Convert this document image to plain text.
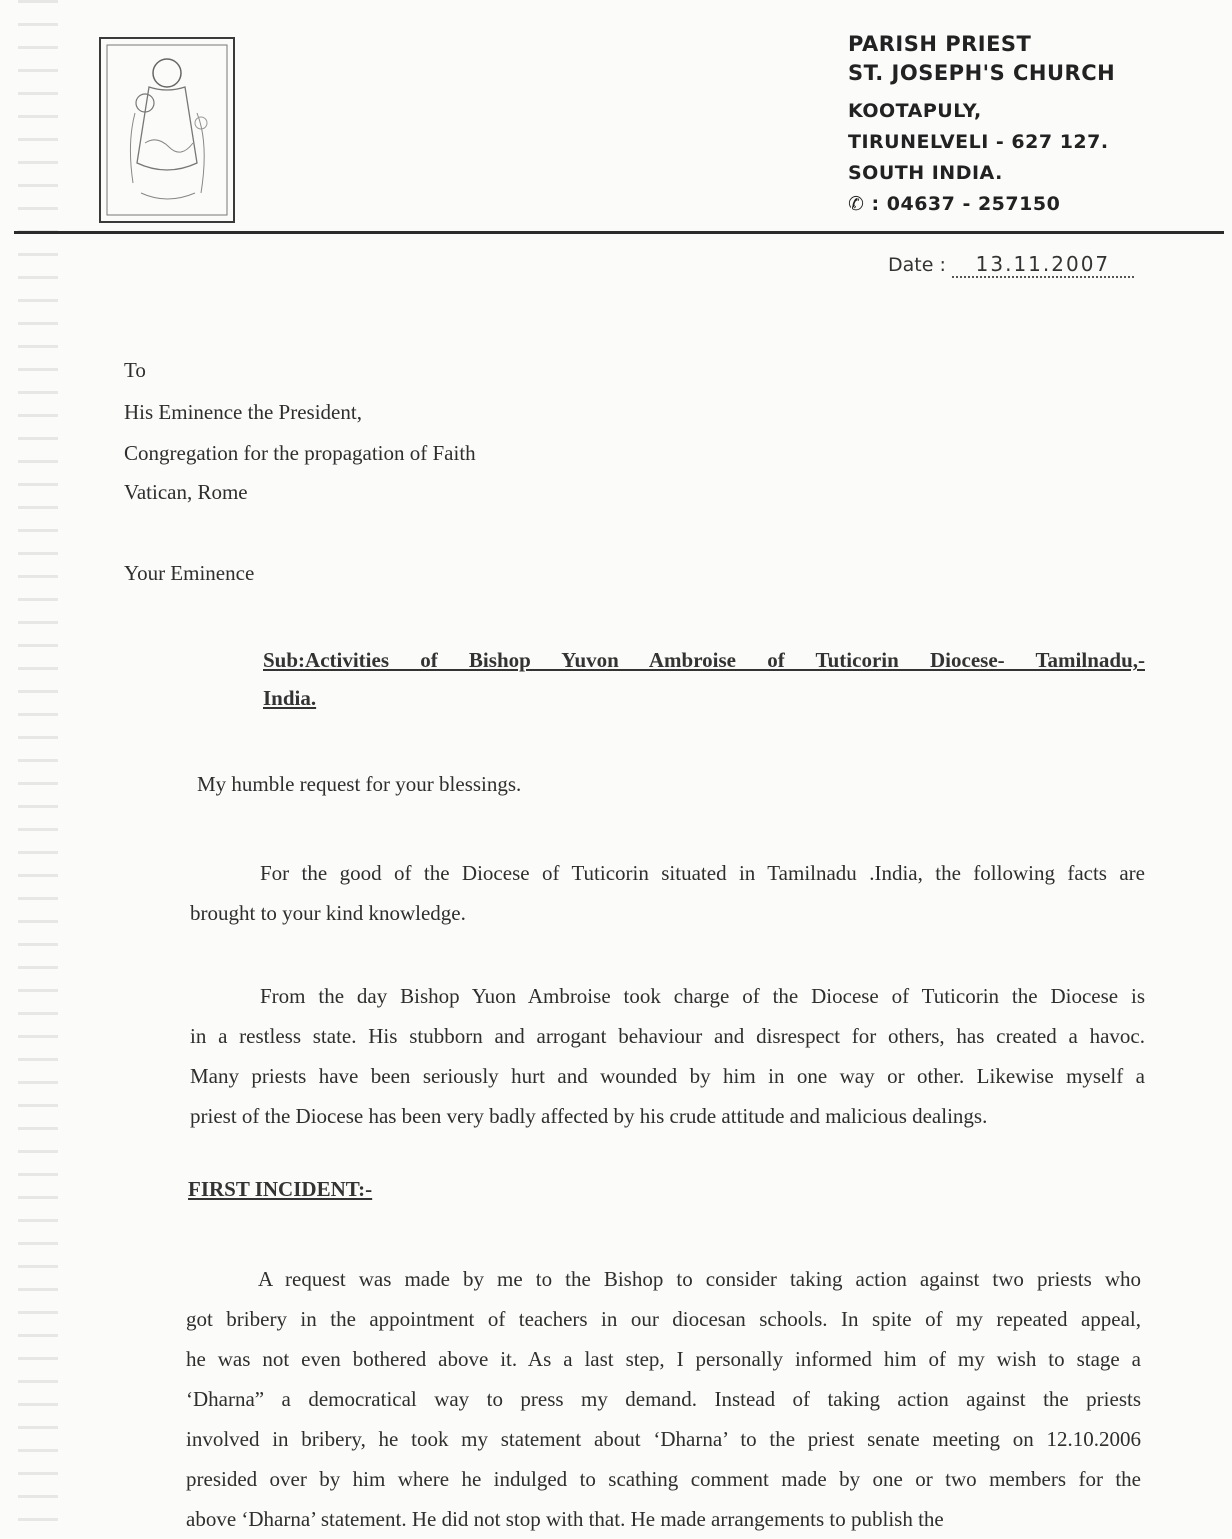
PARISH PRIEST
ST. JOSEPH'S CHURCH
KOOTAPULY,
TIRUNELVELI - 627 127.
SOUTH INDIA.
✆ : 04637 - 257150
Date : 13.11.2007
To
His Eminence the President,
Congregation for the propagation of Faith
Vatican, Rome
Your Eminence
Sub:Activities of Bishop Yuvon Ambroise of Tuticorin Diocese- Tamilnadu,-
India.
My humble request for your blessings.
For the good of the Diocese of Tuticorin situated in Tamilnadu .India, the following facts are
brought to your kind knowledge.
From the day Bishop Yuon Ambroise took charge of the Diocese of Tuticorin the Diocese is
in a restless state. His stubborn and arrogant behaviour and disrespect for others, has created a havoc.
Many priests have been seriously hurt and wounded by him in one way or other. Likewise myself a
priest of the Diocese has been very badly affected by his crude attitude and malicious dealings.
FIRST INCIDENT:-
A request was made by me to the Bishop to consider taking action against two priests who
got bribery in the appointment of teachers in our diocesan schools. In spite of my repeated appeal,
he was not even bothered above it. As a last step, I personally informed him of my wish to stage a
‘Dharna” a democratical way to press my demand. Instead of taking action against the priests
involved in bribery, he took my statement about ‘Dharna’ to the priest senate meeting on 12.10.2006
presided over by him where he indulged to scathing comment made by one or two members for the
above ‘Dharna’ statement. He did not stop with that. He made arrangements to publish the
